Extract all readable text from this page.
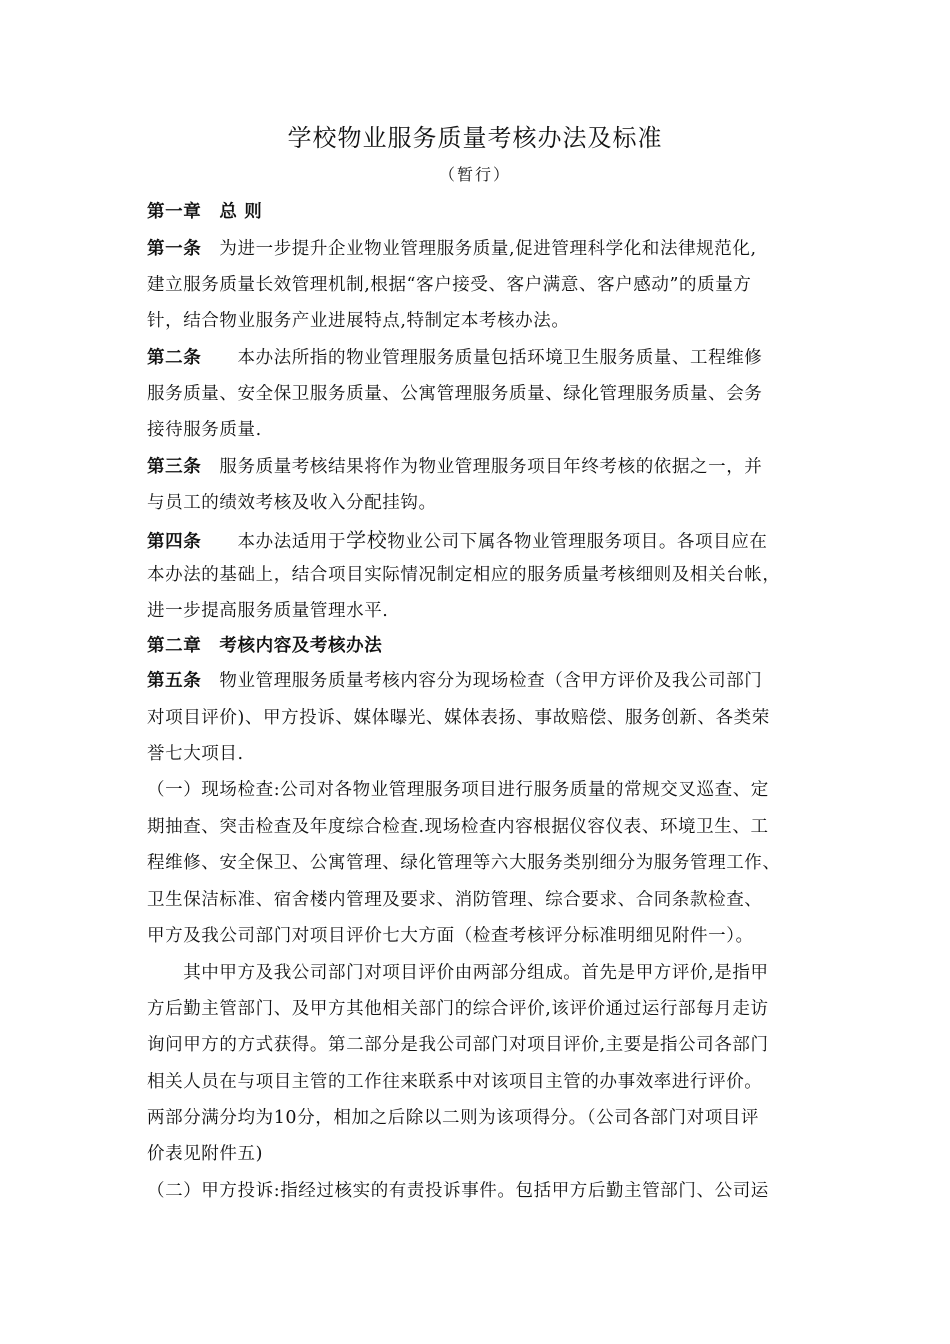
学校物业服务质量考核办法及标准
（暂行）
第一章　总 则
第一条　为进一步提升企业物业管理服务质量,促进管理科学化和法律规范化,
建立服务质量长效管理机制,根据“客户接受、客户满意、客户感动”的质量方
针，结合物业服务产业进展特点,特制定本考核办法。
第二条　　本办法所指的物业管理服务质量包括环境卫生服务质量、工程维修
服务质量、安全保卫服务质量、公寓管理服务质量、绿化管理服务质量、会务
接待服务质量.
第三条　服务质量考核结果将作为物业管理服务项目年终考核的依据之一，并
与员工的绩效考核及收入分配挂钩。
第四条　　本办法适用于学校物业公司下属各物业管理服务项目。各项目应在
本办法的基础上，结合项目实际情况制定相应的服务质量考核细则及相关台帐，
进一步提高服务质量管理水平.
第二章　考核内容及考核办法
第五条　物业管理服务质量考核内容分为现场检查（含甲方评价及我公司部门
对项目评价)、甲方投诉、媒体曝光、媒体表扬、事故赔偿、服务创新、各类荣
誉七大项目.
（一）现场检查:公司对各物业管理服务项目进行服务质量的常规交叉巡查、定
期抽查、突击检查及年度综合检查.现场检查内容根据仪容仪表、环境卫生、工
程维修、安全保卫、公寓管理、绿化管理等六大服务类别细分为服务管理工作、
卫生保洁标准、宿舍楼内管理及要求、消防管理、综合要求、合同条款检查、
甲方及我公司部门对项目评价七大方面（检查考核评分标准明细见附件一）。
　　其中甲方及我公司部门对项目评价由两部分组成。首先是甲方评价,是指甲
方后勤主管部门、及甲方其他相关部门的综合评价,该评价通过运行部每月走访
询问甲方的方式获得。第二部分是我公司部门对项目评价,主要是指公司各部门
相关人员在与项目主管的工作往来联系中对该项目主管的办事效率进行评价。
两部分满分均为10分，相加之后除以二则为该项得分。（公司各部门对项目评
价表见附件五)
（二）甲方投诉:指经过核实的有责投诉事件。包括甲方后勤主管部门、公司运
